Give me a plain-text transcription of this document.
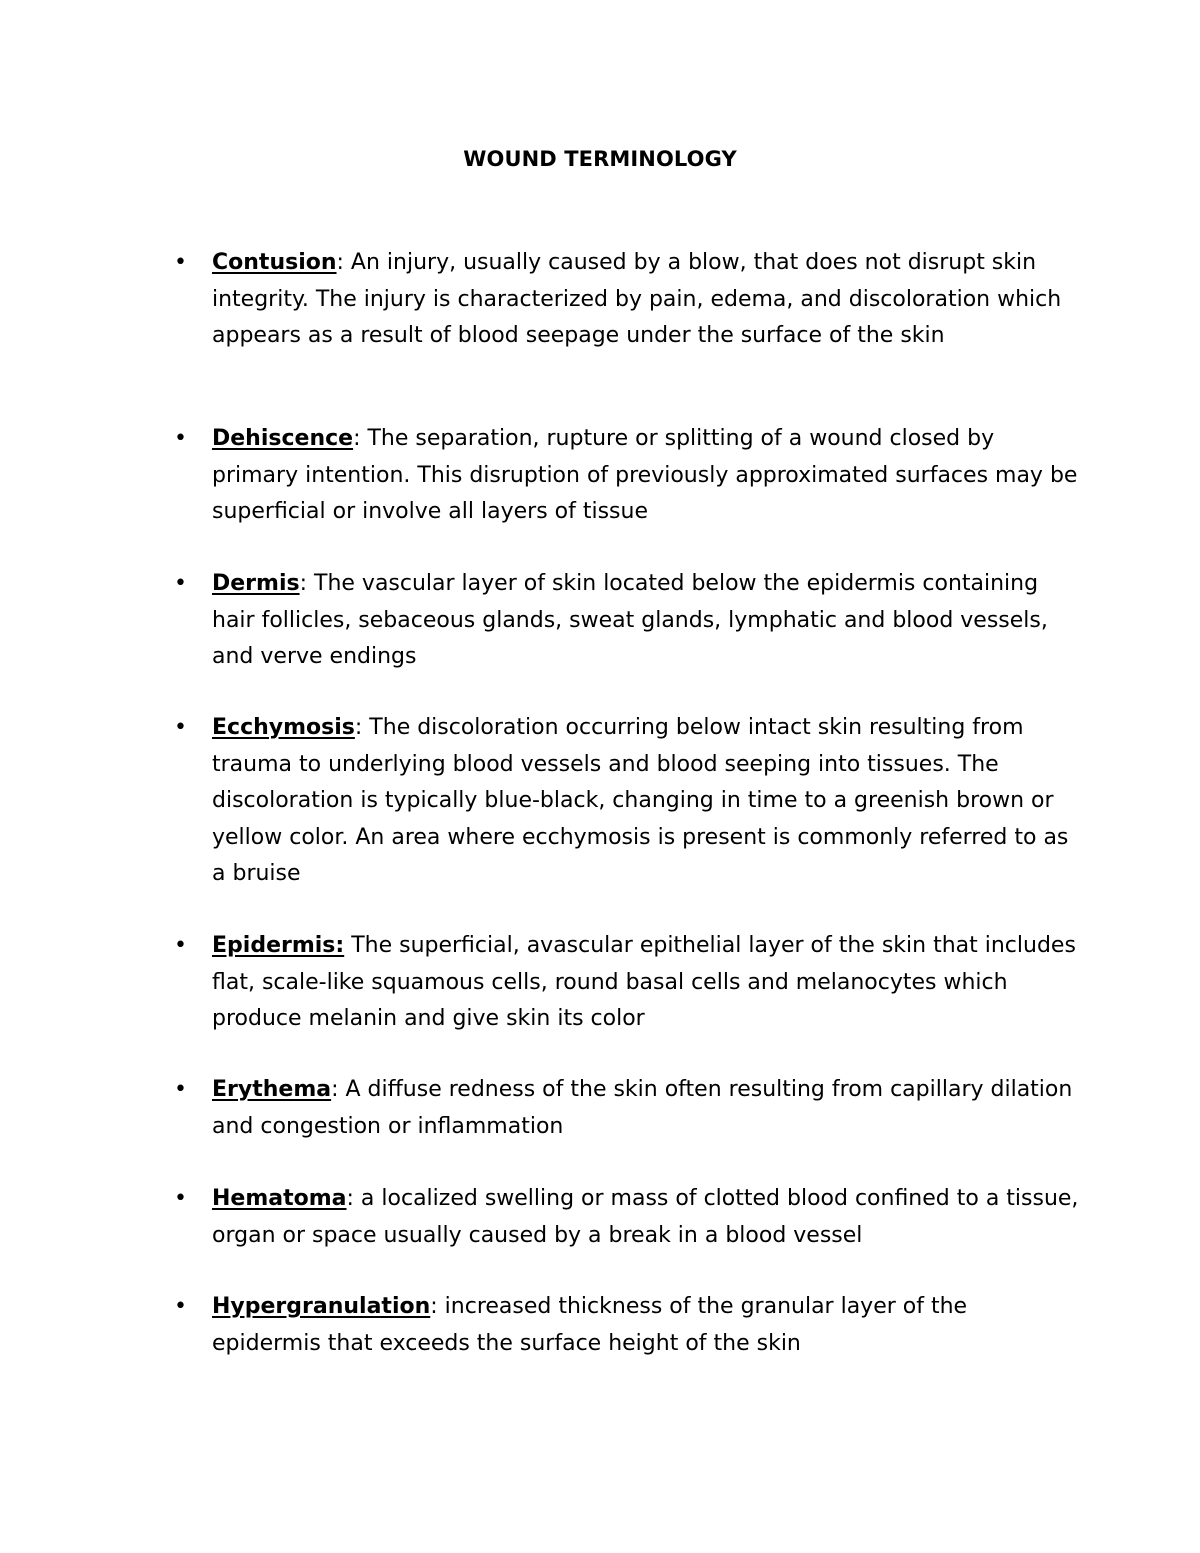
WOUND TERMINOLOGY
• Contusion: An injury, usually caused by a blow, that does not disrupt skin integrity. The injury is characterized by pain, edema, and discoloration which appears as a result of blood seepage under the surface of the skin
• Dehiscence: The separation, rupture or splitting of a wound closed by primary intention. This disruption of previously approximated surfaces may be superficial or involve all layers of tissue
• Dermis: The vascular layer of skin located below the epidermis containing hair follicles, sebaceous glands, sweat glands, lymphatic and blood vessels, and verve endings
• Ecchymosis: The discoloration occurring below intact skin resulting from trauma to underlying blood vessels and blood seeping into tissues. The discoloration is typically blue-black, changing in time to a greenish brown or yellow color. An area where ecchymosis is present is commonly referred to as a bruise
• Epidermis: The superficial, avascular epithelial layer of the skin that includes flat, scale-like squamous cells, round basal cells and melanocytes which produce melanin and give skin its color
• Erythema: A diffuse redness of the skin often resulting from capillary dilation and congestion or inflammation
• Hematoma: a localized swelling or mass of clotted blood confined to a tissue, organ or space usually caused by a break in a blood vessel
• Hypergranulation: increased thickness of the granular layer of the epidermis that exceeds the surface height of the skin
